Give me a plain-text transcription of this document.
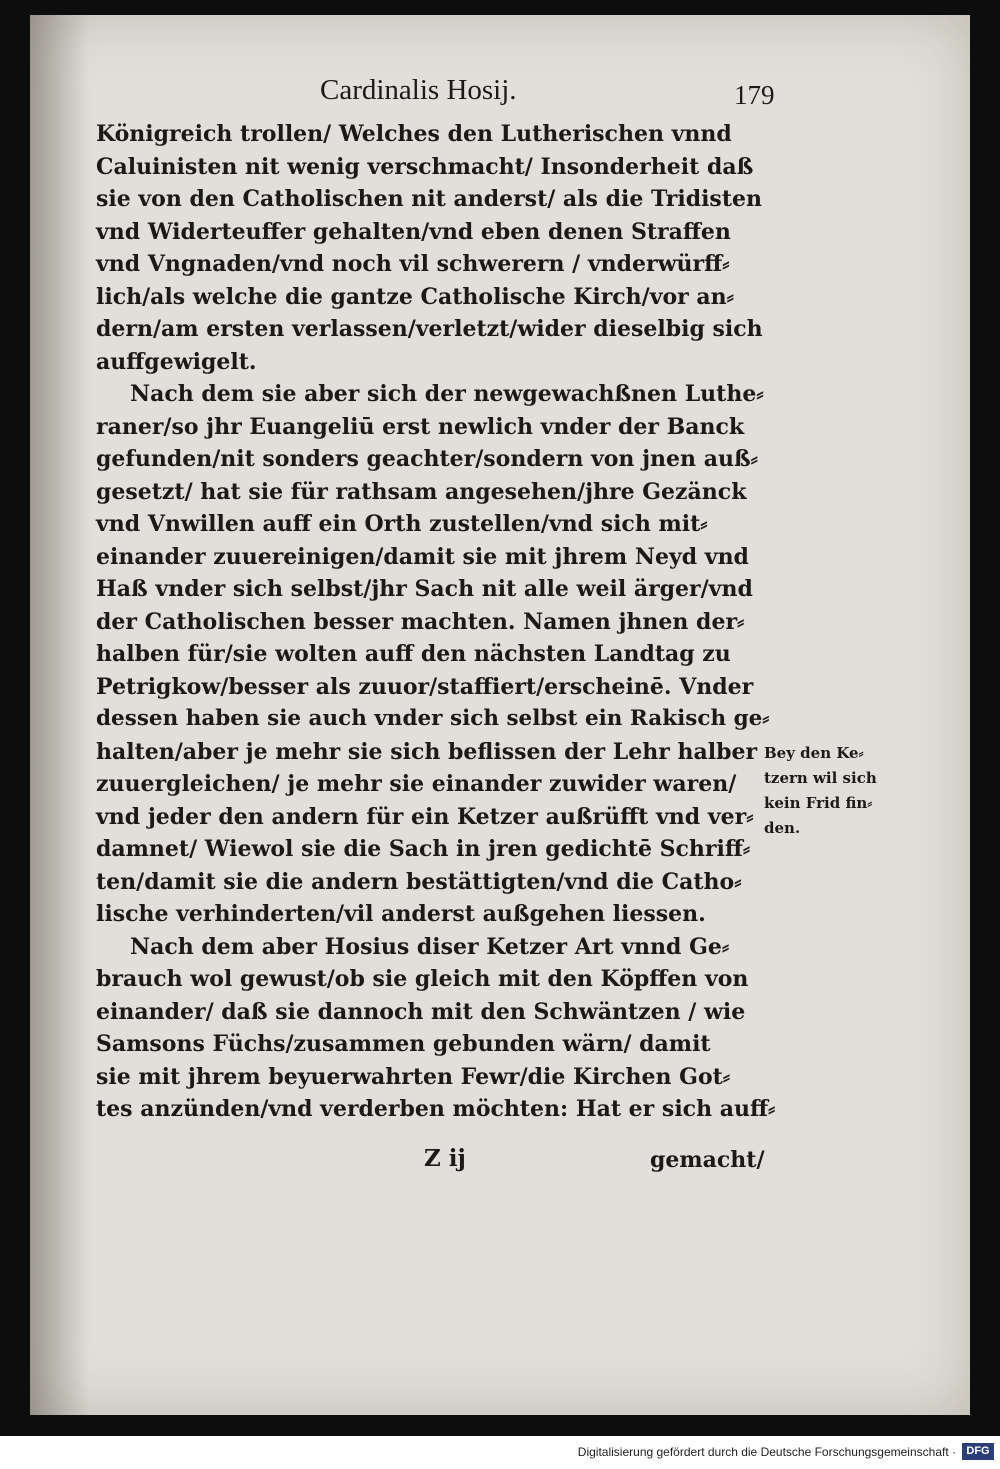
Cardinalis Hosij.	179
Königreich trollen/ Welches den Lutherischen vnnd
Caluinisten nit wenig verschmacht/ Insonderheit daß
sie von den Catholischen nit anderst/ als die Tridisten
vnd Widerteuffer gehalten/vnd eben denen Straffen
vnd Vngnaden/vnd noch vil schwerern / vnderwürff⸗
lich/als welche die gantze Catholische Kirch/vor an⸗
dern/am ersten verlassen/verletzt/wider dieselbig sich
auffgewigelt.
Nach dem sie aber sich der newgewachßnen Luthe⸗
raner/so jhr Euangeliū erst newlich vnder der Banck
gefunden/nit sonders geachter/sondern von jnen auß⸗
gesetzt/ hat sie für rathsam angesehen/jhre Gezänck
vnd Vnwillen auff ein Orth zustellen/vnd sich mit⸗
einander zuuereinigen/damit sie mit jhrem Neyd vnd
Haß vnder sich selbst/jhr Sach nit alle weil ärger/vnd
der Catholischen besser machten. Namen jhnen der⸗
halben für/sie wolten auff den nächsten Landtag zu
Petrigkow/besser als zuuor/staffiert/erscheinē. Vnder
dessen haben sie auch vnder sich selbst ein Rakisch ge⸗
halten/aber je mehr sie sich beflissen der Lehr halber
zuuergleichen/ je mehr sie einander zuwider waren/
vnd jeder den andern für ein Ketzer außrüfft vnd ver⸗
damnet/ Wiewol sie die Sach in jren gedichtē Schriff⸗
ten/damit sie die andern bestättigten/vnd die Catho⸗
lische verhinderten/vil anderst außgehen liessen.
Nach dem aber Hosius diser Ketzer Art vnnd Ge⸗
brauch wol gewust/ob sie gleich mit den Köpffen von
einander/ daß sie dannoch mit den Schwäntzen / wie
Samsons Füchs/zusammen gebunden wärn/ damit
sie mit jhrem beyuerwahrten Fewr/die Kirchen Got⸗
tes anzünden/vnd verderben möchten: Hat er sich auff⸗
Bey den Ke⸗
tzern wil sich
kein Frid fin⸗
den.
Z ij	gemacht/
Digitalisierung gefördert durch die Deutsche Forschungsgemeinschaft · DFG
